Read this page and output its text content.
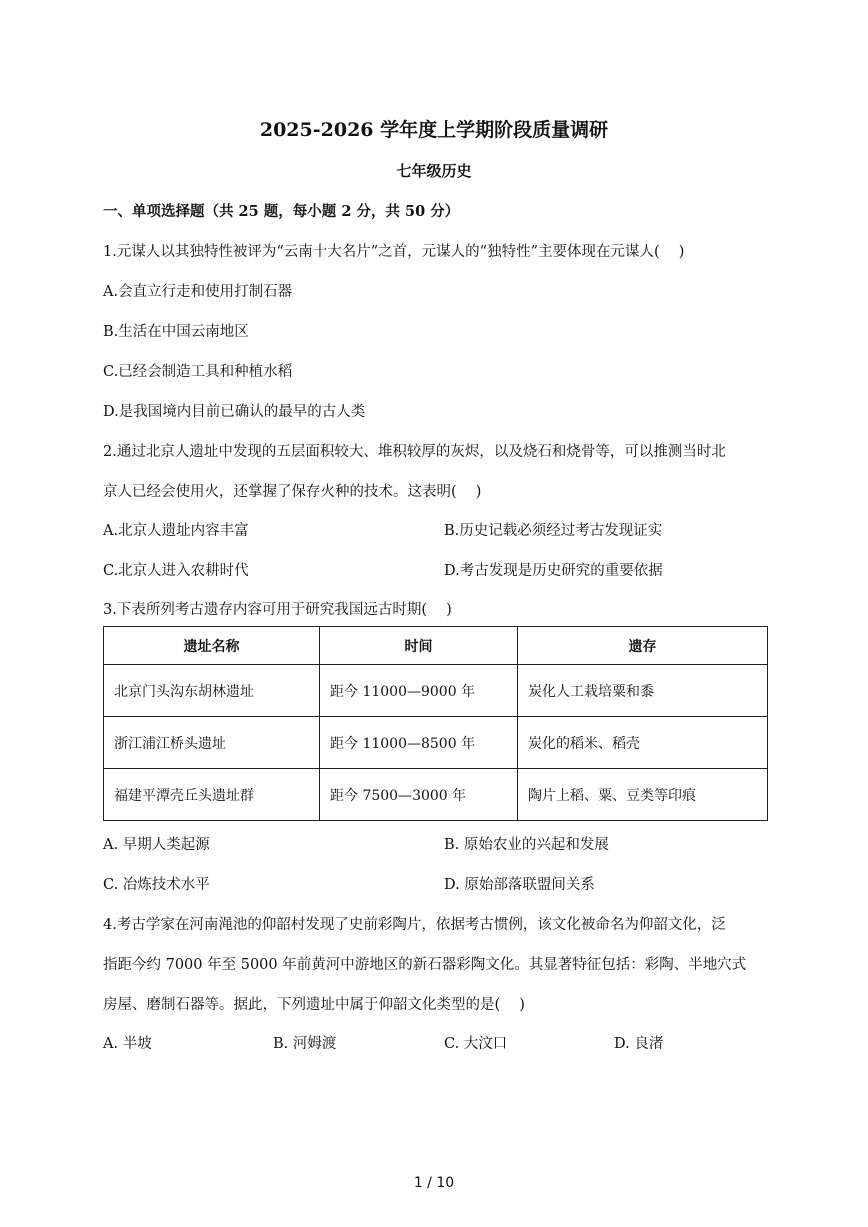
2025-2026 学年度上学期阶段质量调研
七年级历史
一、单项选择题（共 25 题，每小题 2 分，共 50 分）
1.元谋人以其独特性被评为“云南十大名片”之首，元谋人的“独特性”主要体现在元谋人(　 )
A.会直立行走和使用打制石器
B.生活在中国云南地区
C.已经会制造工具和种植水稻
D.是我国境内目前已确认的最早的古人类
2.通过北京人遗址中发现的五层面积较大、堆积较厚的灰烬，以及烧石和烧骨等，可以推测当时北
京人已经会使用火，还掌握了保存火种的技术。这表明(　 )
A.北京人遗址内容丰富	B.历史记载必须经过考古发现证实
C.北京人进入农耕时代	D.考古发现是历史研究的重要依据
3.下表所列考古遗存内容可用于研究我国远古时期(　 )
遗址名称	时间	遗存
北京门头沟东胡林遗址	距今 11000—9000 年	炭化人工栽培粟和黍
浙江浦江桥头遗址	距今 11000—8500 年	炭化的稻米、稻壳
福建平潭壳丘头遗址群	距今 7500—3000 年	陶片上稻、粟、豆类等印痕
A. 早期人类起源	B. 原始农业的兴起和发展
C. 冶炼技术水平	D. 原始部落联盟间关系
4.考古学家在河南渑池的仰韶村发现了史前彩陶片，依据考古惯例，该文化被命名为仰韶文化，泛
指距今约 7000 年至 5000 年前黄河中游地区的新石器彩陶文化。其显著特征包括：彩陶、半地穴式
房屋、磨制石器等。据此，下列遗址中属于仰韶文化类型的是(　 )
A. 半坡	B. 河姆渡	C. 大汶口	D. 良渚
1 / 10
